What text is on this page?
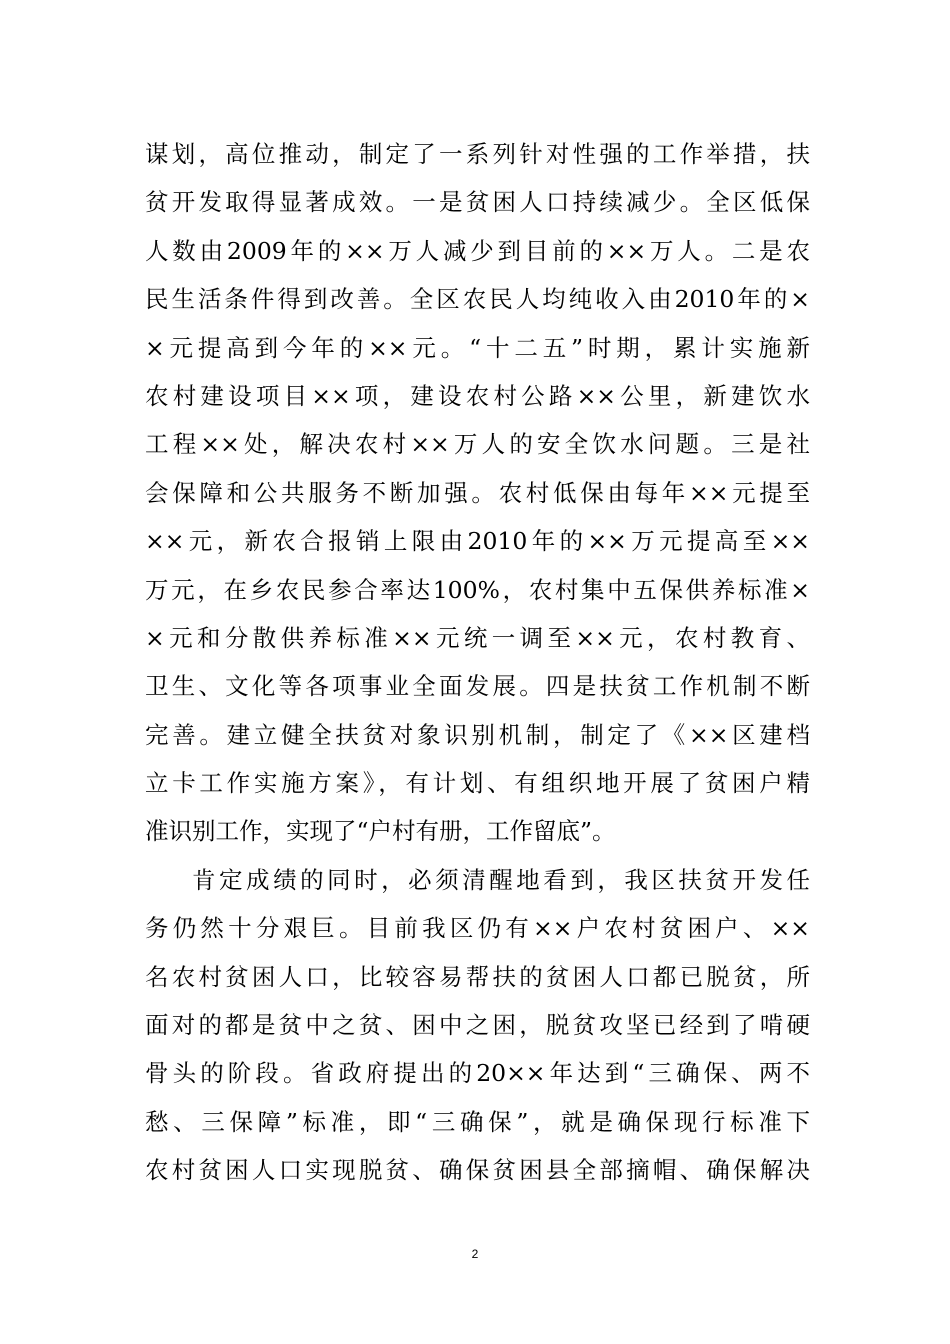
谋划，高位推动，制定了一系列针对性强的工作举措，扶
贫开发取得显著成效。一是贫困人口持续减少。全区低保
人数由2009年的××万人减少到目前的××万人。二是农
民生活条件得到改善。全区农民人均纯收入由2010年的×
×元提高到今年的××元。“十二五”时期，累计实施新
农村建设项目××项，建设农村公路××公里，新建饮水
工程××处，解决农村××万人的安全饮水问题。三是社
会保障和公共服务不断加强。农村低保由每年××元提至
××元，新农合报销上限由2010年的××万元提高至××
万元，在乡农民参合率达100%，农村集中五保供养标准×
×元和分散供养标准××元统一调至××元，农村教育、
卫生、文化等各项事业全面发展。四是扶贫工作机制不断
完善。建立健全扶贫对象识别机制，制定了《××区建档
立卡工作实施方案》，有计划、有组织地开展了贫困户精
准识别工作，实现了“户村有册，工作留底”。
肯定成绩的同时，必须清醒地看到，我区扶贫开发任
务仍然十分艰巨。目前我区仍有××户农村贫困户、××
名农村贫困人口，比较容易帮扶的贫困人口都已脱贫，所
面对的都是贫中之贫、困中之困，脱贫攻坚已经到了啃硬
骨头的阶段。省政府提出的20××年达到“三确保、两不
愁、三保障”标准，即“三确保”，就是确保现行标准下
农村贫困人口实现脱贫、确保贫困县全部摘帽、确保解决
2
